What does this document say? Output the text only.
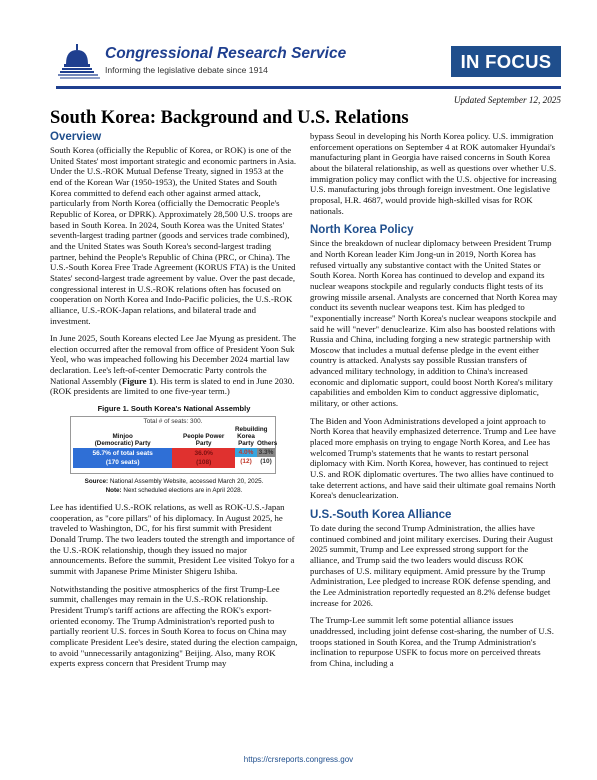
Congressional Research Service
Informing the legislative debate since 1914	IN FOCUS
Updated September 12, 2025
South Korea: Background and U.S. Relations
Overview

South Korea (officially the Republic of Korea, or ROK) is one of the United States' most important strategic and economic partners in Asia. Under the U.S.-ROK Mutual Defense Treaty, signed in 1953 at the end of the Korean War (1950-1953), the United States and South Korea committed to defend each other against armed attack, particularly from North Korea (officially the Democratic People's Republic of Korea, or DPRK). Approximately 28,500 U.S. troops are based in South Korea. In 2024, South Korea was the United States' seventh-largest trading partner (goods and services trade combined), and the United States was South Korea's second-largest trading partner, behind the People's Republic of China (PRC, or China). The U.S.-South Korea Free Trade Agreement (KORUS FTA) is the United States' second-largest trade agreement by value. Over the past decade, congressional interest in U.S.-ROK relations often has focused on cooperation on North Korea and Indo-Pacific policies, the U.S.-ROK alliance, U.S.-ROK-Japan relations, and bilateral trade and investment.

In June 2025, South Koreans elected Lee Jae Myung as president. The election occurred after the removal from office of President Yoon Suk Yeol, who was impeached following his December 2024 martial law declaration. Lee's left-of-center Democratic Party controls the National Assembly (Figure 1). His term is slated to end in June 2030. (ROK presidents are limited to one five-year term.)

Figure 1. South Korea's National Assembly
Total # of seats: 300.
Minjoo
(Democratic) Party
56.7% of total seats
(170 seats)
People Power
Party
36.0%
(108)
Rebuilding
Korea
Party
4.0%
(12)
Others
3.3%
(10)
Source: National Assembly Website, accessed March 20, 2025.
Note: Next scheduled elections are in April 2028.

Lee has identified U.S.-ROK relations, as well as ROK-U.S.-Japan cooperation, as "core pillars" of his diplomacy. In August 2025, he traveled to Washington, DC, for his first summit with President Donald Trump. The two leaders touted the strength and importance of the U.S.-ROK relationship, though they issued no major announcements. Before the summit, President Lee visited Tokyo for a summit with Japanese Prime Minister Shigeru Ishiba.

Notwithstanding the positive atmospherics of the first Trump-Lee summit, challenges may remain in the U.S.-ROK relationship. President Trump's tariff actions are affecting the ROK's export-oriented economy. The Trump Administration's reported push to partially reorient U.S. forces in South Korea to focus on China may complicate President Lee's desire, stated during the election campaign, to avoid "unnecessarily antagonizing" Beijing. Also, many ROK experts express concern that President Trump may

bypass Seoul in developing his North Korea policy. U.S. immigration enforcement operations on September 4 at ROK automaker Hyundai's manufacturing plant in Georgia have raised concerns in South Korea about the bilateral relationship, as well as questions over whether U.S. immigration policy may conflict with the U.S. objective for increasing U.S. manufacturing jobs through foreign investment. One legislative proposal, H.R. 4687, would provide high-skilled visas for ROK nationals.

North Korea Policy

Since the breakdown of nuclear diplomacy between President Trump and North Korean leader Kim Jong-un in 2019, North Korea has refused virtually any substantive contact with the United States or South Korea. North Korea has continued to develop and expand its nuclear weapons stockpile and regularly conducts flight tests of its growing missile arsenal. Analysts are concerned that North Korea may conduct its seventh nuclear weapons test. Kim has pledged to "exponentially increase" North Korea's nuclear weapons stockpile and said he will "never" denuclearize. Kim also has boosted relations with Russia and China, including forging a new strategic partnership with Moscow that includes a mutual defense pledge in the event either country is attacked. Analysts say possible Russian transfers of advanced military technology, in addition to China's increased economic and diplomatic support, could boost North Korea's military capabilities and embolden Kim to conduct aggressive diplomatic, military, or other actions.

The Biden and Yoon Administrations developed a joint approach to North Korea that heavily emphasized deterrence. Trump and Lee have placed more emphasis on trying to engage North Korea, and Lee has welcomed Trump's statements that he wants to restart personal diplomacy with Kim. North Korea, however, has continued to reject U.S. and ROK diplomatic overtures. The two allies have continued to take deterrent actions, and have said their ultimate goal remains North Korea's denuclearization.

U.S.-South Korea Alliance

To date during the second Trump Administration, the allies have continued combined and joint military exercises. During their August 2025 summit, Trump and Lee expressed strong support for the alliance, and Trump said the two leaders would discuss ROK purchases of U.S. military equipment. Amid pressure by the Trump Administration, Lee pledged to increase ROK defense spending, and the Lee Administration reportedly requested an 8.2% defense budget increase for 2026.

The Trump-Lee summit left some potential alliance issues unaddressed, including joint defense cost-sharing, the number of U.S. troops stationed in South Korea, and the Trump Administration's inclination to repurpose USFK to focus more on perceived threats from China, including a

https://crsreports.congress.gov
